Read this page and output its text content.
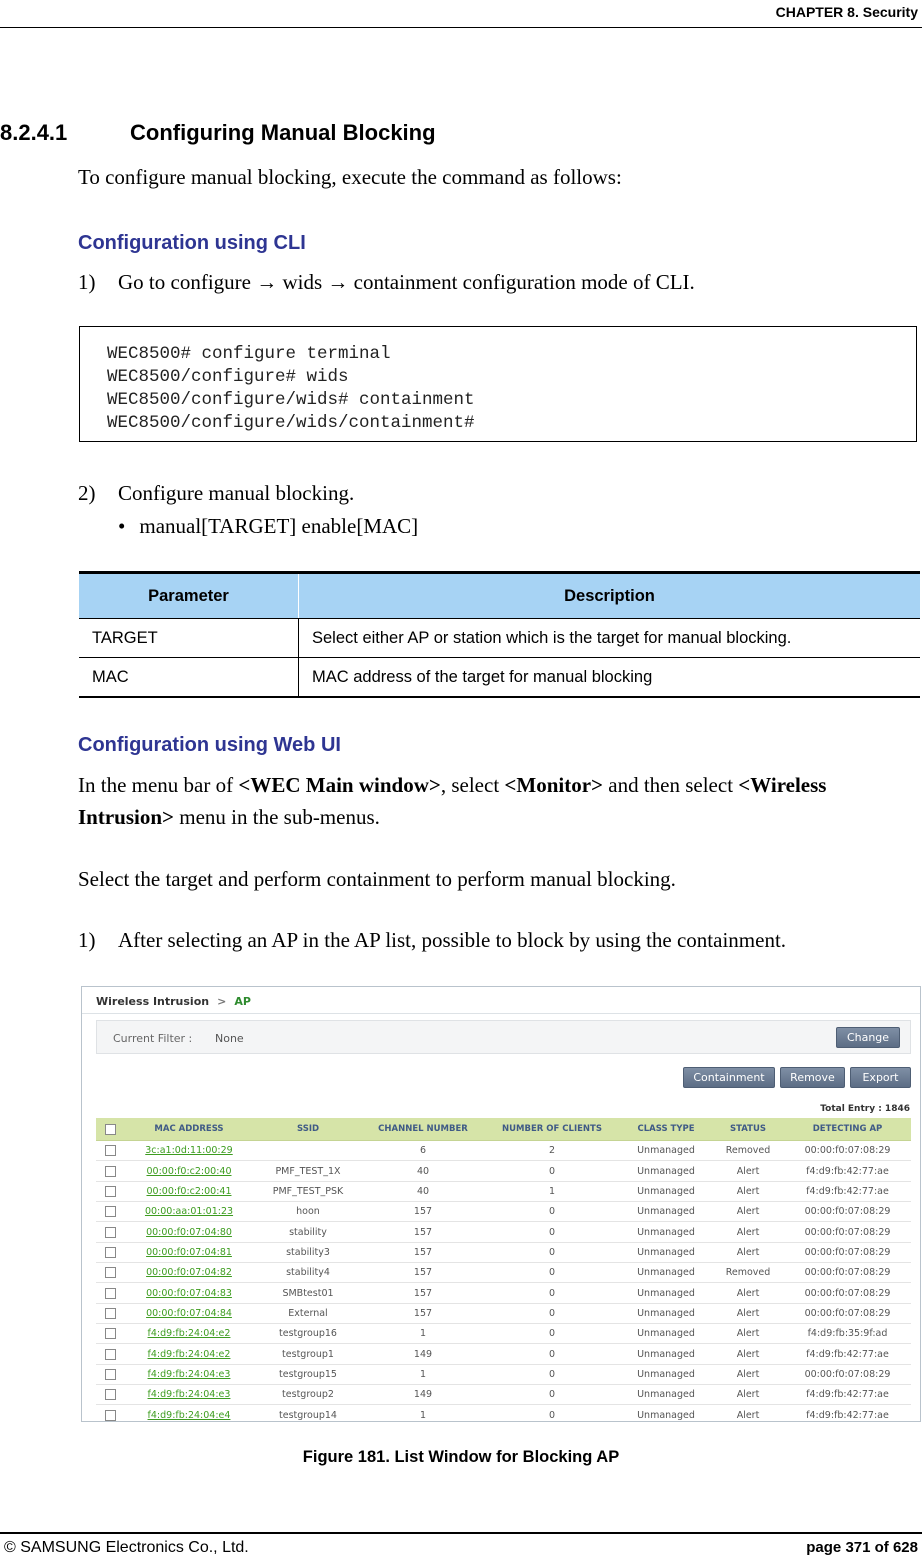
CHAPTER 8. Security
8.2.4.1	Configuring Manual Blocking
To configure manual blocking, execute the command as follows:
Configuration using CLI
1) Go to configure → wids → containment configuration mode of CLI.
WEC8500# configure terminal
WEC8500/configure# wids
WEC8500/configure/wids# containment
WEC8500/configure/wids/containment#
2) Configure manual blocking.
• manual[TARGET] enable[MAC]
Parameter	Description
TARGET	Select either AP or station which is the target for manual blocking.
MAC	MAC address of the target for manual blocking
Configuration using Web UI
In the menu bar of <WEC Main window>, select <Monitor> and then select <Wireless
Intrusion> menu in the sub-menus.
Select the target and perform containment to perform manual blocking.
1) After selecting an AP in the AP list, possible to block by using the containment.
Wireless Intrusion > AP
Current Filter : None	Change
Containment	Remove	Export
Total Entry : 1846
	MAC ADDRESS	SSID	CHANNEL NUMBER	NUMBER OF CLIENTS	CLASS TYPE	STATUS	DETECTING AP
	3c:a1:0d:11:00:29		6	2	Unmanaged	Removed	00:00:f0:07:08:29
	00:00:f0:c2:00:40	PMF_TEST_1X	40	0	Unmanaged	Alert	f4:d9:fb:42:77:ae
	00:00:f0:c2:00:41	PMF_TEST_PSK	40	1	Unmanaged	Alert	f4:d9:fb:42:77:ae
	00:00:aa:01:01:23	hoon	157	0	Unmanaged	Alert	00:00:f0:07:08:29
	00:00:f0:07:04:80	stability	157	0	Unmanaged	Alert	00:00:f0:07:08:29
	00:00:f0:07:04:81	stability3	157	0	Unmanaged	Alert	00:00:f0:07:08:29
	00:00:f0:07:04:82	stability4	157	0	Unmanaged	Removed	00:00:f0:07:08:29
	00:00:f0:07:04:83	SMBtest01	157	0	Unmanaged	Alert	00:00:f0:07:08:29
	00:00:f0:07:04:84	External	157	0	Unmanaged	Alert	00:00:f0:07:08:29
	f4:d9:fb:24:04:e2	testgroup16	1	0	Unmanaged	Alert	f4:d9:fb:35:9f:ad
	f4:d9:fb:24:04:e2	testgroup1	149	0	Unmanaged	Alert	f4:d9:fb:42:77:ae
	f4:d9:fb:24:04:e3	testgroup15	1	0	Unmanaged	Alert	00:00:f0:07:08:29
	f4:d9:fb:24:04:e3	testgroup2	149	0	Unmanaged	Alert	f4:d9:fb:42:77:ae
	f4:d9:fb:24:04:e4	testgroup14	1	0	Unmanaged	Alert	f4:d9:fb:42:77:ae
Figure 181. List Window for Blocking AP
© SAMSUNG Electronics Co., Ltd.	page 371 of 628
